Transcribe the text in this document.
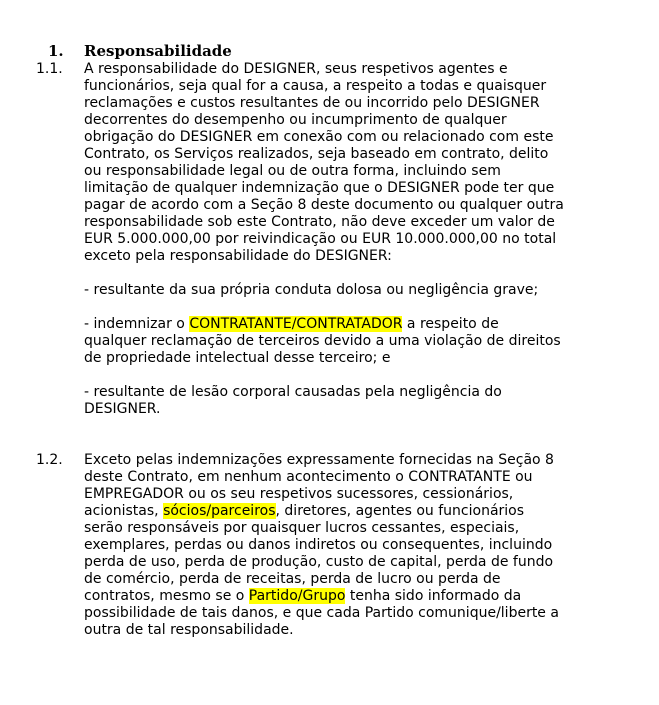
1. Responsabilidade
1.1. A responsabilidade do DESIGNER, seus respetivos agentes e
funcionários, seja qual for a causa, a respeito a todas e quaisquer
reclamações e custos resultantes de ou incorrido pelo DESIGNER
decorrentes do desempenho ou incumprimento de qualquer
obrigação do DESIGNER em conexão com ou relacionado com este
Contrato, os Serviços realizados, seja baseado em contrato, delito
ou responsabilidade legal ou de outra forma, incluindo sem
limitação de qualquer indemnização que o DESIGNER pode ter que
pagar de acordo com a Seção 8 deste documento ou qualquer outra
responsabilidade sob este Contrato, não deve exceder um valor de
EUR 5.000.000,00 por reivindicação ou EUR 10.000.000,00 no total
exceto pela responsabilidade do DESIGNER:
- resultante da sua própria conduta dolosa ou negligência grave;
- indemnizar o CONTRATANTE/CONTRATADOR a respeito de
qualquer reclamação de terceiros devido a uma violação de direitos
de propriedade intelectual desse terceiro; e
- resultante de lesão corporal causadas pela negligência do
DESIGNER.
1.2. Exceto pelas indemnizações expressamente fornecidas na Seção 8
deste Contrato, em nenhum acontecimento o CONTRATANTE ou
EMPREGADOR ou os seu respetivos sucessores, cessionários,
acionistas, sócios/parceiros, diretores, agentes ou funcionários
serão responsáveis por quaisquer lucros cessantes, especiais,
exemplares, perdas ou danos indiretos ou consequentes, incluindo
perda de uso, perda de produção, custo de capital, perda de fundo
de comércio, perda de receitas, perda de lucro ou perda de
contratos, mesmo se o Partido/Grupo tenha sido informado da
possibilidade de tais danos, e que cada Partido comunique/liberte a
outra de tal responsabilidade.
